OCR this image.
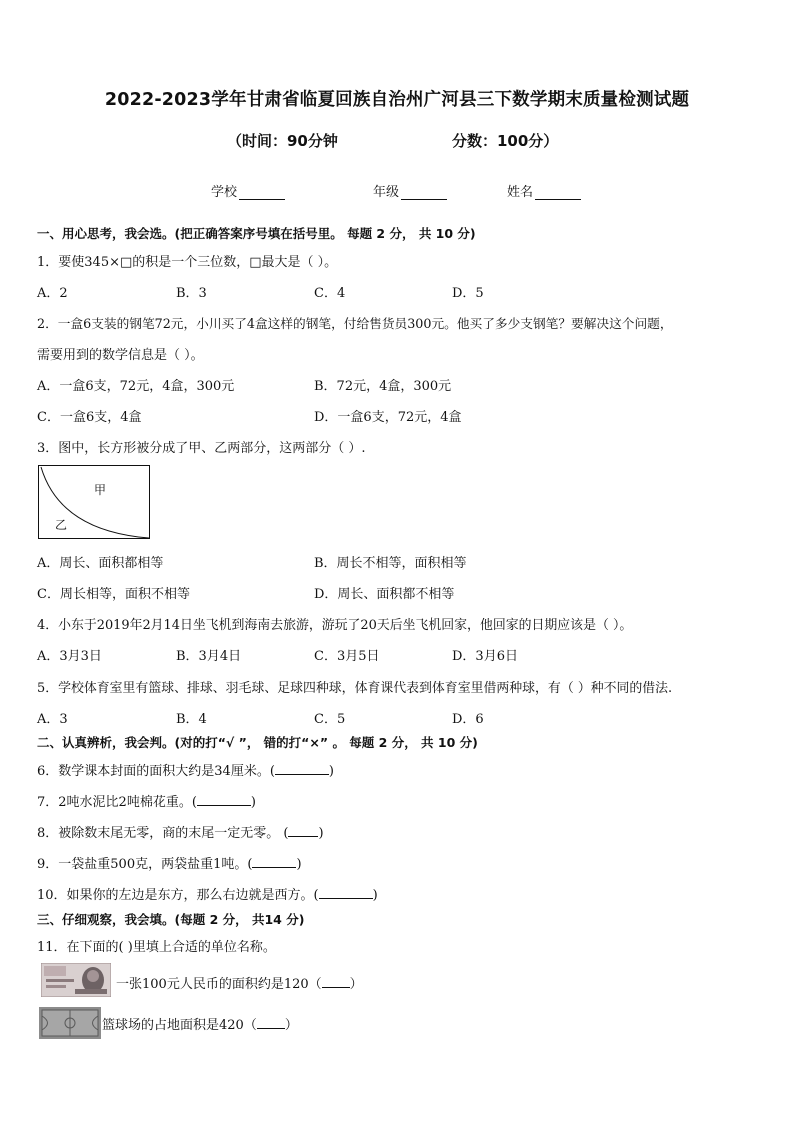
2022-2023学年甘肃省临夏回族自治州广河县三下数学期末质量检测试题
（时间：90分钟	分数：100分）
学校	年级	姓名
一、用心思考，我会选。(把正确答案序号填在括号里。 每题 2 分， 共 10 分)
1．要使345×□的积是一个三位数，□最大是（ ）。
A．2	B．3	C．4	D．5
2．一盒6支装的钢笔72元，小川买了4盒这样的钢笔，付给售货员300元。他买了多少支钢笔？要解决这个问题，
需要用到的数学信息是（ ）。
A．一盒6支，72元，4盒，300元	B．72元，4盒，300元
C．一盒6支，4盒	D．一盒6支，72元，4盒
3．图中，长方形被分成了甲、乙两部分，这两部分（ ）.
甲
乙
A．周长、面积都相等	B．周长不相等，面积相等
C．周长相等，面积不相等	D．周长、面积都不相等
4．小东于2019年2月14日坐飞机到海南去旅游，游玩了20天后坐飞机回家，他回家的日期应该是（ ）。
A．3月3日	B．3月4日	C．3月5日	D．3月6日
5．学校体育室里有篮球、排球、羽毛球、足球四种球，体育课代表到体育室里借两种球，有（ ）种不同的借法.
A．3	B．4	C．5	D．6
二、认真辨析，我会判。(对的打“√ ”， 错的打“×” 。 每题 2 分， 共 10 分)
6．数学课本封面的面积大约是34厘米。(	)
7．2吨水泥比2吨棉花重。(	)
8．被除数末尾无零，商的末尾一定无零。 ( )
9．一袋盐重500克，两袋盐重1吨。(	)
10．如果你的左边是东方，那么右边就是西方。(	)
三、仔细观察，我会填。(每题 2 分， 共14 分)
11．在下面的( )里填上合适的单位名称。
一张100元人民币的面积约是120（ ）
篮球场的占地面积是420（ ）
